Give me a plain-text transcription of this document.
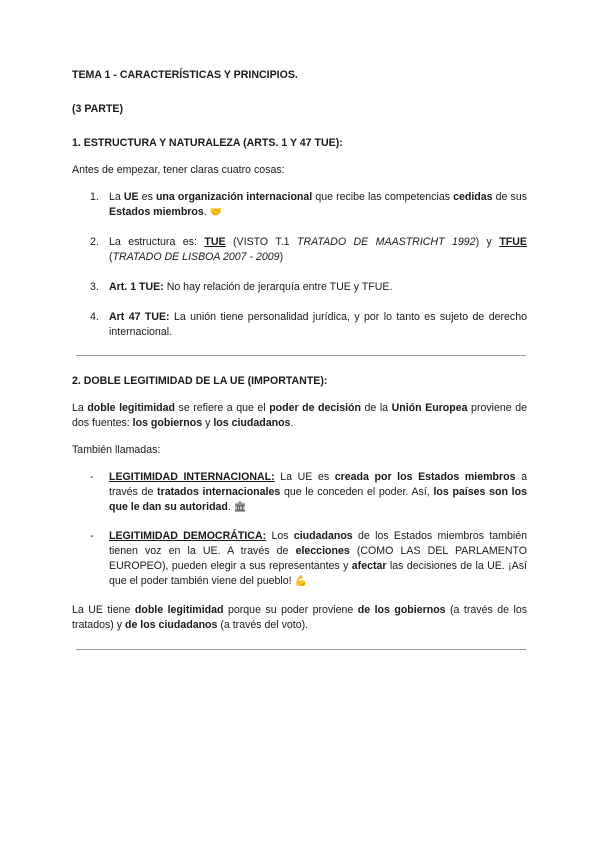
TEMA 1 - CARACTERÍSTICAS Y PRINCIPIOS.

(3 PARTE)

1. ESTRUCTURA Y NATURALEZA (ARTS. 1 Y 47 TUE):

Antes de empezar, tener claras cuatro cosas:

1. La UE es una organización internacional que recibe las competencias cedidas de sus Estados miembros. 🤝
2. La estructura es: TUE (VISTO T.1 TRATADO DE MAASTRICHT 1992) y TFUE (TRATADO DE LISBOA 2007 - 2009)
3. Art. 1 TUE: No hay relación de jerarquía entre TUE y TFUE.
4. Art 47 TUE: La unión tiene personalidad jurídica, y por lo tanto es sujeto de derecho internacional.

2. DOBLE LEGITIMIDAD DE LA UE (IMPORTANTE):

La doble legitimidad se refiere a que el poder de decisión de la Unión Europea proviene de dos fuentes: los gobiernos y los ciudadanos.

También llamadas:

- LEGITIMIDAD INTERNACIONAL: La UE es creada por los Estados miembros a través de tratados internacionales que le conceden el poder. Así, los países son los que le dan su autoridad. 🏛
- LEGITIMIDAD DEMOCRÁTICA: Los ciudadanos de los Estados miembros también tienen voz en la UE. A través de elecciones (COMO LAS DEL PARLAMENTO EUROPEO), pueden elegir a sus representantes y afectar las decisiones de la UE. ¡Así que el poder también viene del pueblo! 💪

La UE tiene doble legitimidad porque su poder proviene de los gobiernos (a través de los tratados) y de los ciudadanos (a través del voto).
